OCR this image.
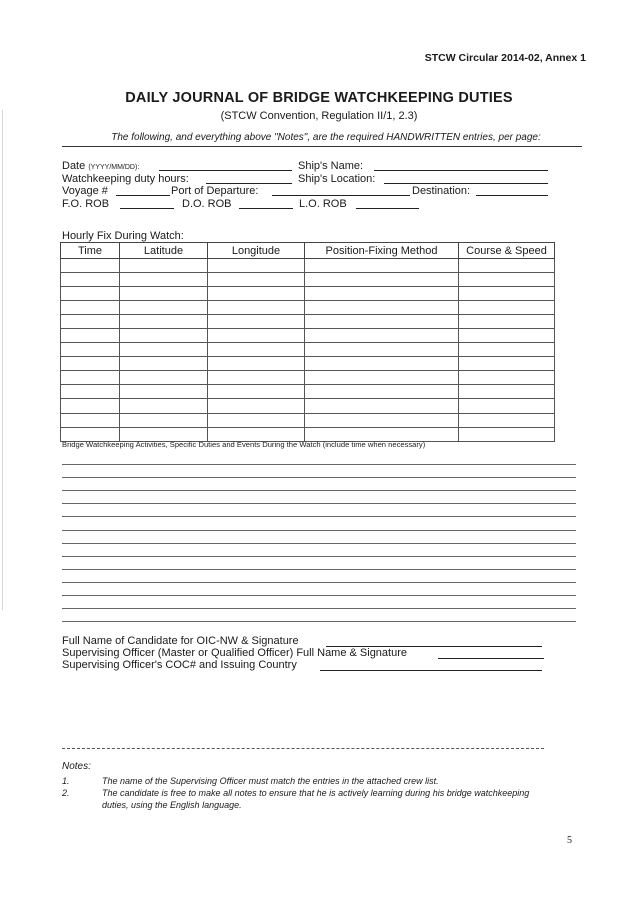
STCW Circular 2014-02, Annex 1
DAILY JOURNAL OF BRIDGE WATCHKEEPING DUTIES
(STCW Convention, Regulation II/1, 2.3)
The following, and everything above "Notes", are the required HANDWRITTEN entries, per page:
Date (YYYY/MM/DD):	Ship's Name:
Watchkeeping duty hours:	Ship's Location:
Voyage #	Port of Departure:	Destination:
F.O. ROB	D.O. ROB	L.O. ROB
Hourly Fix During Watch:
Time	Latitude	Longitude	Position-Fixing Method	Course & Speed

Bridge Watchkeeping Activities, Specific Duties and Events During the Watch (include time when necessary)
Full Name of Candidate for OIC-NW & Signature
Supervising Officer (Master or Qualified Officer) Full Name & Signature
Supervising Officer's COC# and Issuing Country
Notes:
1.	The name of the Supervising Officer must match the entries in the attached crew list.
2.	The candidate is free to make all notes to ensure that he is actively learning during his bridge watchkeeping duties, using the English language.
5
